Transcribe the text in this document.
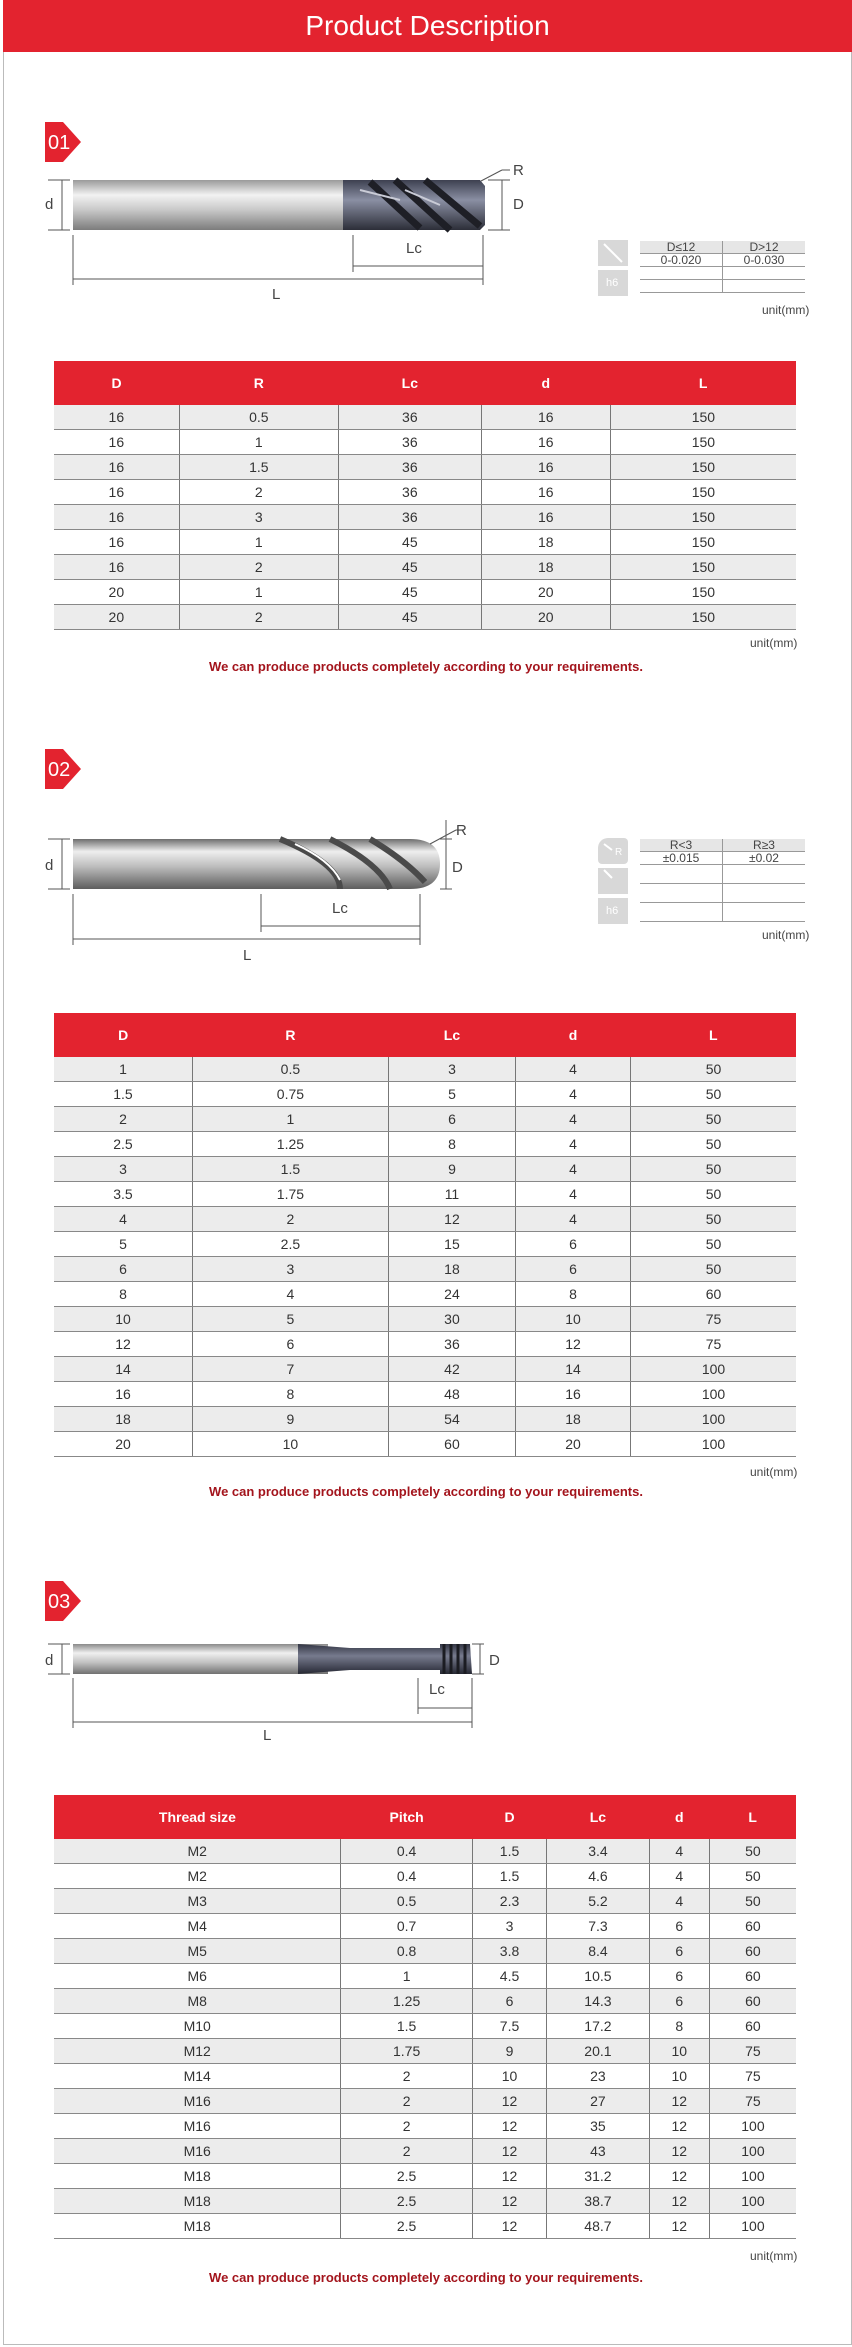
Product Description
01
d	D
R
Lc
L
h6
D≤12	D>12
0-0.020	0-0.030

unit(mm)
D	R	Lc	d	L
16	0.5	36	16	150
16	1	36	16	150
16	1.5	36	16	150
16	2	36	16	150
16	3	36	16	150
16	1	45	18	150
16	2	45	18	150
20	1	45	20	150
20	2	45	20	150
unit(mm)
We can produce products completely according to your requirements.
02
d	D
R
Lc
L
R
h6
R<3	R≥3
±0.015	±0.02

unit(mm)
D	R	Lc	d	L
1	0.5	3	4	50
1.5	0.75	5	4	50
2	1	6	4	50
2.5	1.25	8	4	50
3	1.5	9	4	50
3.5	1.75	11	4	50
4	2	12	4	50
5	2.5	15	6	50
6	3	18	6	50
8	4	24	8	60
10	5	30	10	75
12	6	36	12	75
14	7	42	14	100
16	8	48	16	100
18	9	54	18	100
20	10	60	20	100
unit(mm)
We can produce products completely according to your requirements.
03
d	D
Lc
L
Thread size	Pitch	D	Lc	d	L
M2	0.4	1.5	3.4	4	50
M2	0.4	1.5	4.6	4	50
M3	0.5	2.3	5.2	4	50
M4	0.7	3	7.3	6	60
M5	0.8	3.8	8.4	6	60
M6	1	4.5	10.5	6	60
M8	1.25	6	14.3	6	60
M10	1.5	7.5	17.2	8	60
M12	1.75	9	20.1	10	75
M14	2	10	23	10	75
M16	2	12	27	12	75
M16	2	12	35	12	100
M16	2	12	43	12	100
M18	2.5	12	31.2	12	100
M18	2.5	12	38.7	12	100
M18	2.5	12	48.7	12	100
unit(mm)
We can produce products completely according to your requirements.
